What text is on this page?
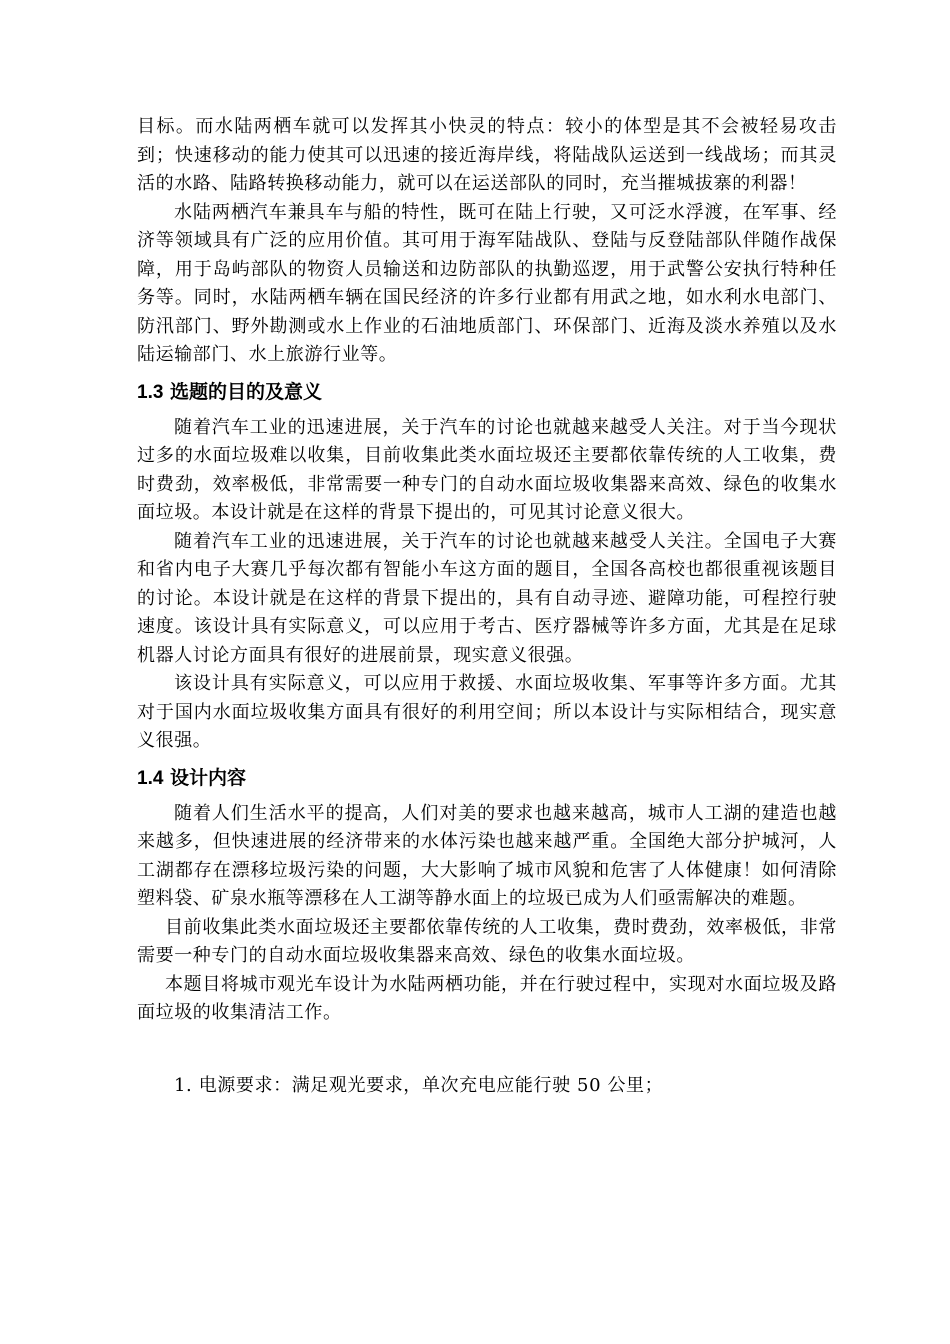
目标。而水陆两栖车就可以发挥其小快灵的特点：较小的体型是其不会被轻易攻击到；快速移动的能力使其可以迅速的接近海岸线，将陆战队运送到一线战场；而其灵活的水路、陆路转换移动能力，就可以在运送部队的同时，充当摧城拔寨的利器！

水陆两栖汽车兼具车与船的特性，既可在陆上行驶，又可泛水浮渡，在军事、经济等领域具有广泛的应用价值。其可用于海军陆战队、登陆与反登陆部队伴随作战保障，用于岛屿部队的物资人员输送和边防部队的执勤巡逻，用于武警公安执行特种任务等。同时，水陆两栖车辆在国民经济的许多行业都有用武之地，如水利水电部门、防汛部门、野外勘测或水上作业的石油地质部门、环保部门、近海及淡水养殖以及水陆运输部门、水上旅游行业等。

1.3 选题的目的及意义

随着汽车工业的迅速进展，关于汽车的讨论也就越来越受人关注。对于当今现状过多的水面垃圾难以收集，目前收集此类水面垃圾还主要都依靠传统的人工收集，费时费劲，效率极低，非常需要一种专门的自动水面垃圾收集器来高效、绿色的收集水面垃圾。本设计就是在这样的背景下提出的，可见其讨论意义很大。

随着汽车工业的迅速进展，关于汽车的讨论也就越来越受人关注。全国电子大赛和省内电子大赛几乎每次都有智能小车这方面的题目，全国各高校也都很重视该题目的讨论。本设计就是在这样的背景下提出的，具有自动寻迹、避障功能，可程控行驶速度。该设计具有实际意义，可以应用于考古、医疗器械等许多方面，尤其是在足球机器人讨论方面具有很好的进展前景，现实意义很强。

该设计具有实际意义，可以应用于救援、水面垃圾收集、军事等许多方面。尤其对于国内水面垃圾收集方面具有很好的利用空间；所以本设计与实际相结合，现实意义很强。

1.4 设计内容

随着人们生活水平的提高，人们对美的要求也越来越高，城市人工湖的建造也越来越多，但快速进展的经济带来的水体污染也越来越严重。全国绝大部分护城河，人工湖都存在漂移垃圾污染的问题，大大影响了城市风貌和危害了人体健康！如何清除塑料袋、矿泉水瓶等漂移在人工湖等静水面上的垃圾已成为人们亟需解决的难题。

目前收集此类水面垃圾还主要都依靠传统的人工收集，费时费劲，效率极低，非常需要一种专门的自动水面垃圾收集器来高效、绿色的收集水面垃圾。

本题目将城市观光车设计为水陆两栖功能，并在行驶过程中，实现对水面垃圾及路面垃圾的收集清洁工作。

1. 电源要求：满足观光要求，单次充电应能行驶 50 公里；
